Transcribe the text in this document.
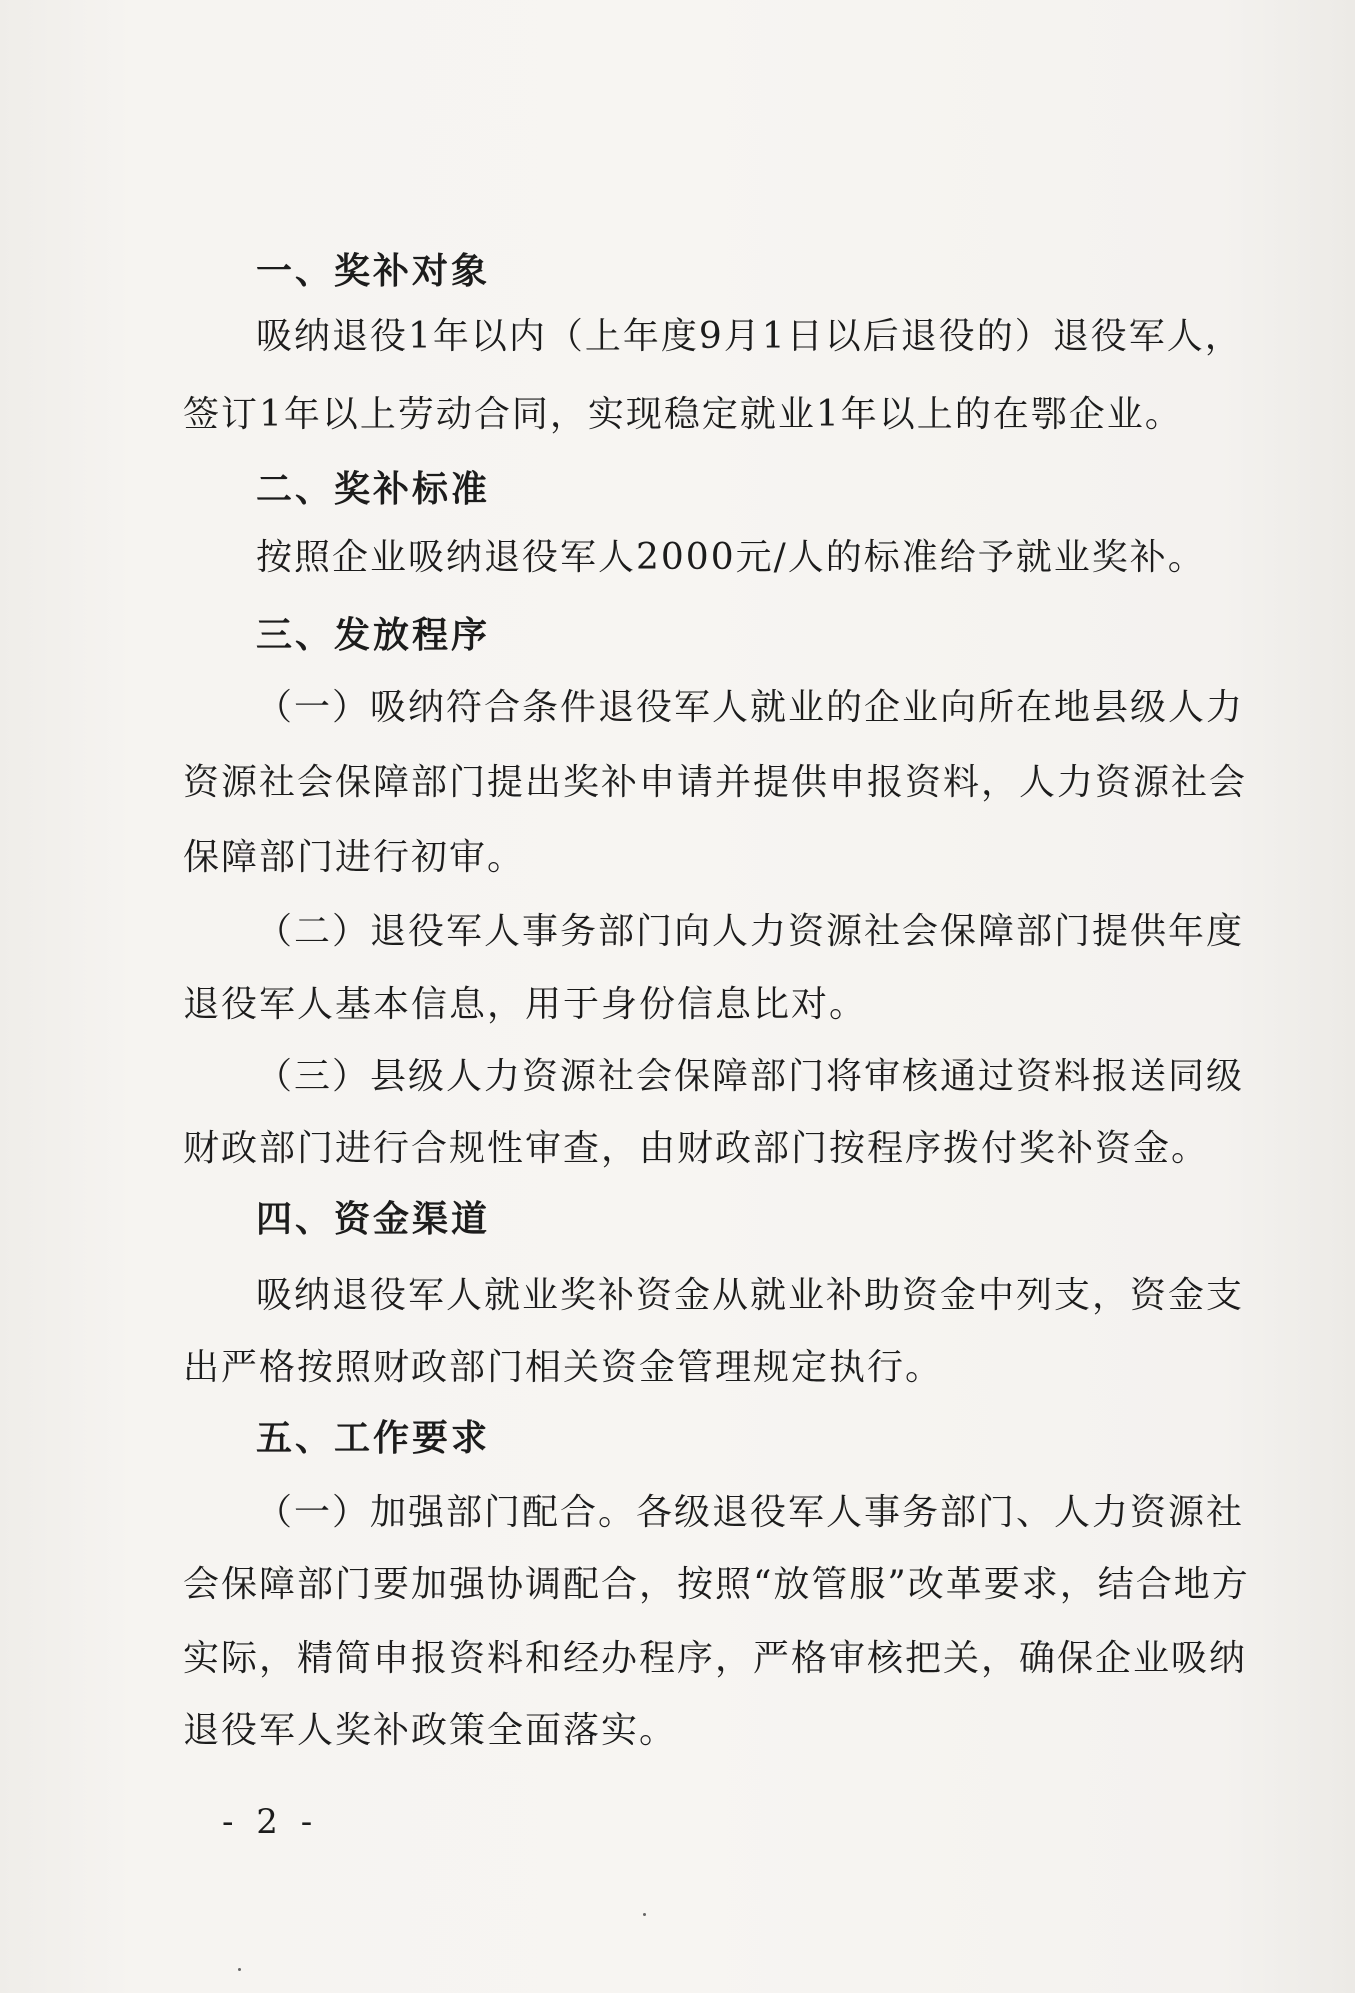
一、奖补对象
吸纳退役1年以内（上年度9月1日以后退役的）退役军人，
签订1年以上劳动合同，实现稳定就业1年以上的在鄂企业。
二、奖补标准
按照企业吸纳退役军人2000元/人的标准给予就业奖补。
三、发放程序
（一）吸纳符合条件退役军人就业的企业向所在地县级人力
资源社会保障部门提出奖补申请并提供申报资料，人力资源社会
保障部门进行初审。
（二）退役军人事务部门向人力资源社会保障部门提供年度
退役军人基本信息，用于身份信息比对。
（三）县级人力资源社会保障部门将审核通过资料报送同级
财政部门进行合规性审查，由财政部门按程序拨付奖补资金。
四、资金渠道
吸纳退役军人就业奖补资金从就业补助资金中列支，资金支
出严格按照财政部门相关资金管理规定执行。
五、工作要求
（一）加强部门配合。各级退役军人事务部门、人力资源社
会保障部门要加强协调配合，按照“放管服”改革要求，结合地方
实际，精简申报资料和经办程序，严格审核把关，确保企业吸纳
退役军人奖补政策全面落实。
- 2 -
